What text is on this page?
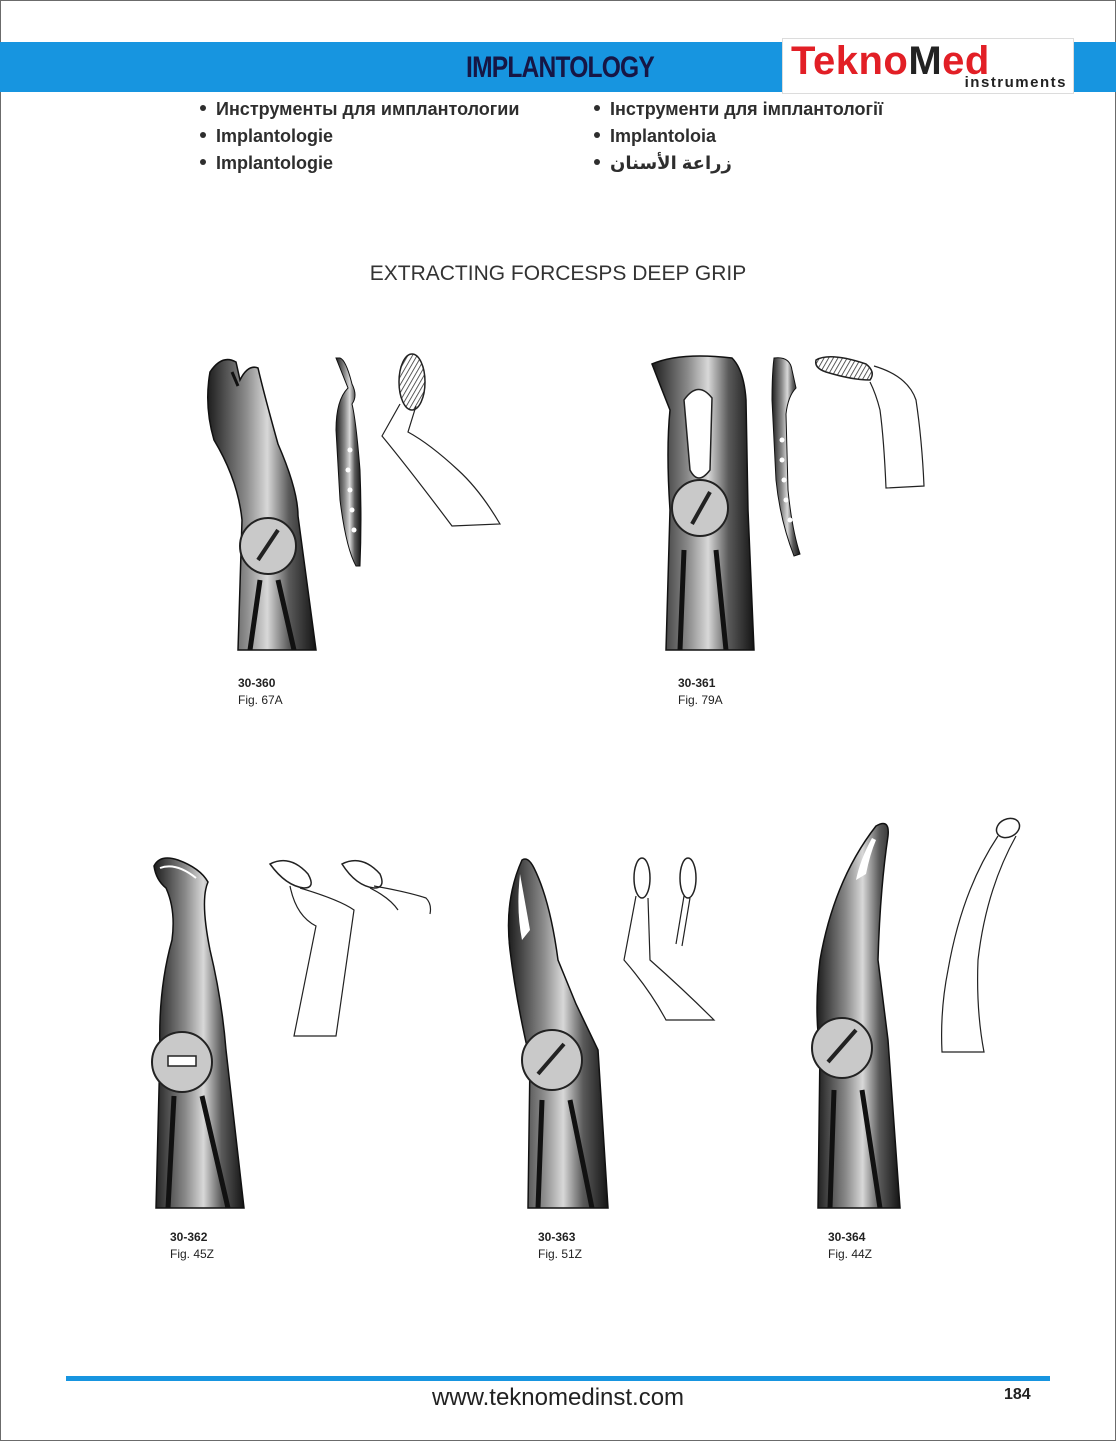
IMPLANTOLOGY	TeknoMed
instruments
Инструменты для имплантологии
Implantologie
Implantologie
Інструменти для імплантології
Implantoloia
زراعة الأسنان
EXTRACTING FORCESPS DEEP GRIP
30-360
Fig. 67A
30-361
Fig. 79A
30-362
Fig. 45Z
30-363
Fig. 51Z
30-364
Fig. 44Z
www.teknomedinst.com	184
